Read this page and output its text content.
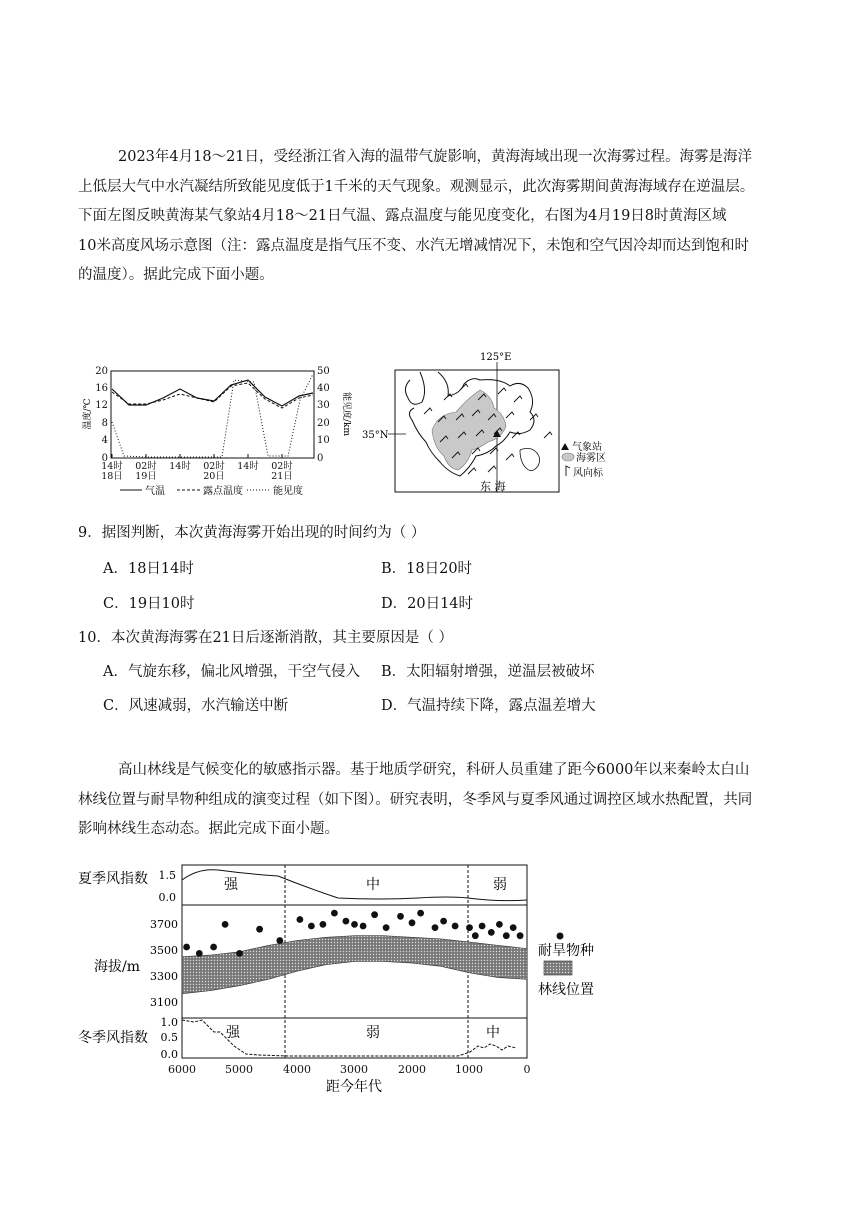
2023年4月18～21日，受经浙江省入海的温带气旋影响，黄海海域出现一次海雾过程。海雾是海洋

上低层大气中水汽凝结所致能见度低于1千米的天气现象。观测显示，此次海雾期间黄海海域存在逆温层。

下面左图反映黄海某气象站4月18～21日气温、露点温度与能见度变化，右图为4月19日8时黄海区域

10米高度风场示意图（注：露点温度是指气压不变、水汽无增减情况下，未饱和空气因冷却而达到饱和时

的温度）。据此完成下面小题。

0
4
8
12
16
20
0
10
20
30
40
50
温度/℃	能见度/km
14时
18日
02时
19日
14时 02时
20日
14时 02时
21日
气温	露点温度	能见度
125°E
35°N
东 海
气象站
海雾区
风向标
9．据图判断，本次黄海海雾开始出现的时间约为（ ）
A．18日14时	B．18日20时
C．19日10时	D．20日14时
10．本次黄海海雾在21日后逐渐消散，其主要原因是（ ）
A．气旋东移，偏北风增强，干空气侵入 B．太阳辐射增强，逆温层被破坏
C．风速减弱，水汽输送中断	D．气温持续下降，露点温差增大

高山林线是气候变化的敏感指示器。基于地质学研究，科研人员重建了距今6000年以来秦岭太白山

林线位置与耐旱物种组成的演变过程（如下图）。研究表明，冬季风与夏季风通过调控区域水热配置，共同

影响林线生态动态。据此完成下面小题。

夏季风指数 1.5
0.0
强	中	弱
海拔/m
3700
3500
3300
3100
耐旱物种
林线位置
冬季风指数
1.0
0.5
0.0
强	弱	中
6000	5000	4000	3000	2000	1000	0
距今年代
